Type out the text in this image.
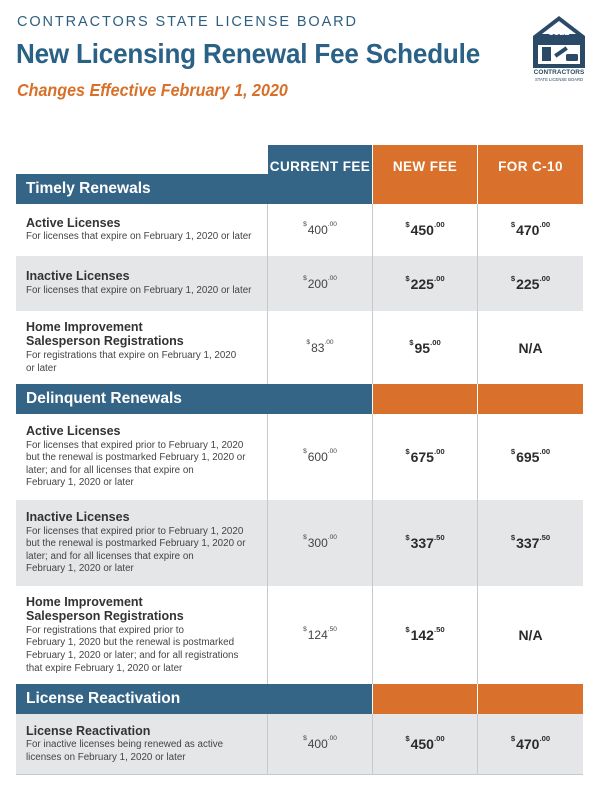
CONTRACTORS STATE LICENSE BOARD
New Licensing Renewal Fee Schedule
Changes Effective February 1, 2020
CSLB
CONTRACTORS
STATE LICENSE BOARD
CURRENT FEE	NEW FEE	FOR C-10
Timely Renewals
Active Licenses
For licenses that expire on February 1, 2020 or later
$^{\$}400^{.00}$	$^{\$}450^{.00}$	$^{\$}470^{.00}$
Inactive Licenses
For licenses that expire on February 1, 2020 or later
$^{\$}200^{.00}$	$^{\$}225^{.00}$	$^{\$}225^{.00}$
Home Improvement
Salesperson Registrations
For registrations that expire on February 1, 2020
or later
$^{\$}83^{.00}$	$^{\$}95^{.00}$	N/A
Delinquent Renewals
Active Licenses
For licenses that expired prior to February 1, 2020
but the renewal is postmarked February 1, 2020 or
later; and for all licenses that expire on
February 1, 2020 or later
$^{\$}600^{.00}$	$^{\$}675^{.00}$	$^{\$}695^{.00}$
Inactive Licenses
For licenses that expired prior to February 1, 2020
but the renewal is postmarked February 1, 2020 or
later; and for all licenses that expire on
February 1, 2020 or later
$^{\$}300^{.00}$	$^{\$}337^{.50}$	$^{\$}337^{.50}$
Home Improvement
Salesperson Registrations
For registrations that expired prior to
February 1, 2020 but the renewal is postmarked
February 1, 2020 or later; and for all registrations
that expire February 1, 2020 or later
$^{\$}124^{.50}$	$^{\$}142^{.50}$	N/A
License Reactivation
License Reactivation
For inactive licenses being renewed as active
licenses on February 1, 2020 or later
$^{\$}400^{.00}$	$^{\$}450^{.00}$	$^{\$}470^{.00}$
